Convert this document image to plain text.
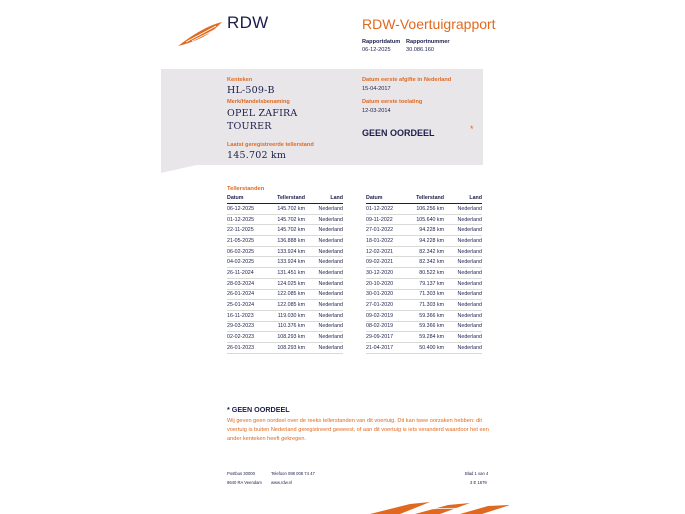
RDW	RDW-Voertuigrapport
Rapportdatum
06-12-2025
Rapportnummer
30.086.160
Kenteken
HL-509-B
Merk/Handelsbenaming
OPEL ZAFIRA
TOURER
Laatst geregistreerde tellerstand
145.702 km
Datum eerste afgifte in Nederland
15-04-2017
Datum eerste toelating
12-03-2014
GEEN OORDEEL	*
Tellerstanden
Datum	Tellerstand	Land
06-12-2025	145.702 km	Nederland
01-12-2025	145.702 km	Nederland
22-11-2025	145.702 km	Nederland
21-05-2025	136.888 km	Nederland
06-02-2025	133.924 km	Nederland
04-02-2025	133.924 km	Nederland
26-11-2024	131.451 km	Nederland
28-03-2024	124.025 km	Nederland
26-01-2024	122.085 km	Nederland
25-01-2024	122.085 km	Nederland
16-11-2023	119.030 km	Nederland
29-03-2023	110.376 km	Nederland
02-02-2023	108.293 km	Nederland
26-01-2023	108.293 km	Nederland
Datum	Tellerstand	Land
01-12-2022	106.256 km	Nederland
09-11-2022	105.640 km	Nederland
27-01-2022	94.228 km	Nederland
18-01-2022	94.228 km	Nederland
12-02-2021	82.342 km	Nederland
09-02-2021	82.342 km	Nederland
30-12-2020	80.522 km	Nederland
20-10-2020	79.137 km	Nederland
30-01-2020	71.303 km	Nederland
27-01-2020	71.303 km	Nederland
09-02-2019	59.366 km	Nederland
08-02-2019	59.366 km	Nederland
29-09-2017	59.284 km	Nederland
21-04-2017	50.400 km	Nederland
* GEEN OORDEEL
Wij geven geen oordeel over de reeks tellerstanden van dit voertuig. Dit kan twee oorzaken hebben: dit voertuig is buiten Nederland geregistreerd geweest, of aan dit voertuig is iets veranderd waardoor het een ander kenteken heeft gekregen.
Postbus 30000
9640 RA Veendam
Telefoon 088 008 74 47
www.rdw.nl
Blad 1 van 4
3 E 1679
